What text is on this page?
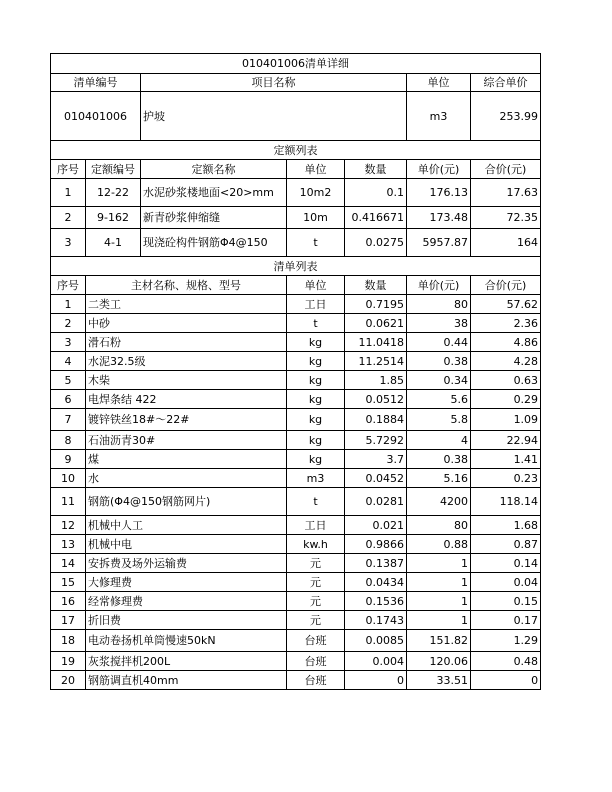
010401006清单详细			
清单编号	项目名称	单位	综合单价
010401006	护坡	m3	253.99
定额列表						
序号	定额编号	定额名称	单位	数量	单价(元)	合价(元)
1	12-22	水泥砂浆楼地面<20>mm	10m2	0.1	176.13	17.63
2	9-162	新青砂浆伸缩缝	10m	0.416671	173.48	72.35
3	4-1	现浇砼构件钢筋Φ4@150	t	0.0275	5957.87	164
清单列表					
序号	主材名称、规格、型号	单位	数量	单价(元)	合价(元)
1	二类工	工日	0.7195	80	57.62
2	中砂	t	0.0621	38	2.36
3	滑石粉	kg	11.0418	0.44	4.86
4	水泥32.5级	kg	11.2514	0.38	4.28
5	木柴	kg	1.85	0.34	0.63
6	电焊条结 422	kg	0.0512	5.6	0.29
7	镀锌铁丝18#～22#	kg	0.1884	5.8	1.09
8	石油沥青30#	kg	5.7292	4	22.94
9	煤	kg	3.7	0.38	1.41
10	水	m3	0.0452	5.16	0.23
11	钢筋(Φ4@150钢筋网片)	t	0.0281	4200	118.14
12	机械中人工	工日	0.021	80	1.68
13	机械中电	kw.h	0.9866	0.88	0.87
14	安拆费及场外运输费	元	0.1387	1	0.14
15	大修理费	元	0.0434	1	0.04
16	经常修理费	元	0.1536	1	0.15
17	折旧费	元	0.1743	1	0.17
18	电动卷扬机单筒慢速50kN	台班	0.0085	151.82	1.29
19	灰浆搅拌机200L	台班	0.004	120.06	0.48
20	钢筋调直机40mm	台班	0	33.51	0
